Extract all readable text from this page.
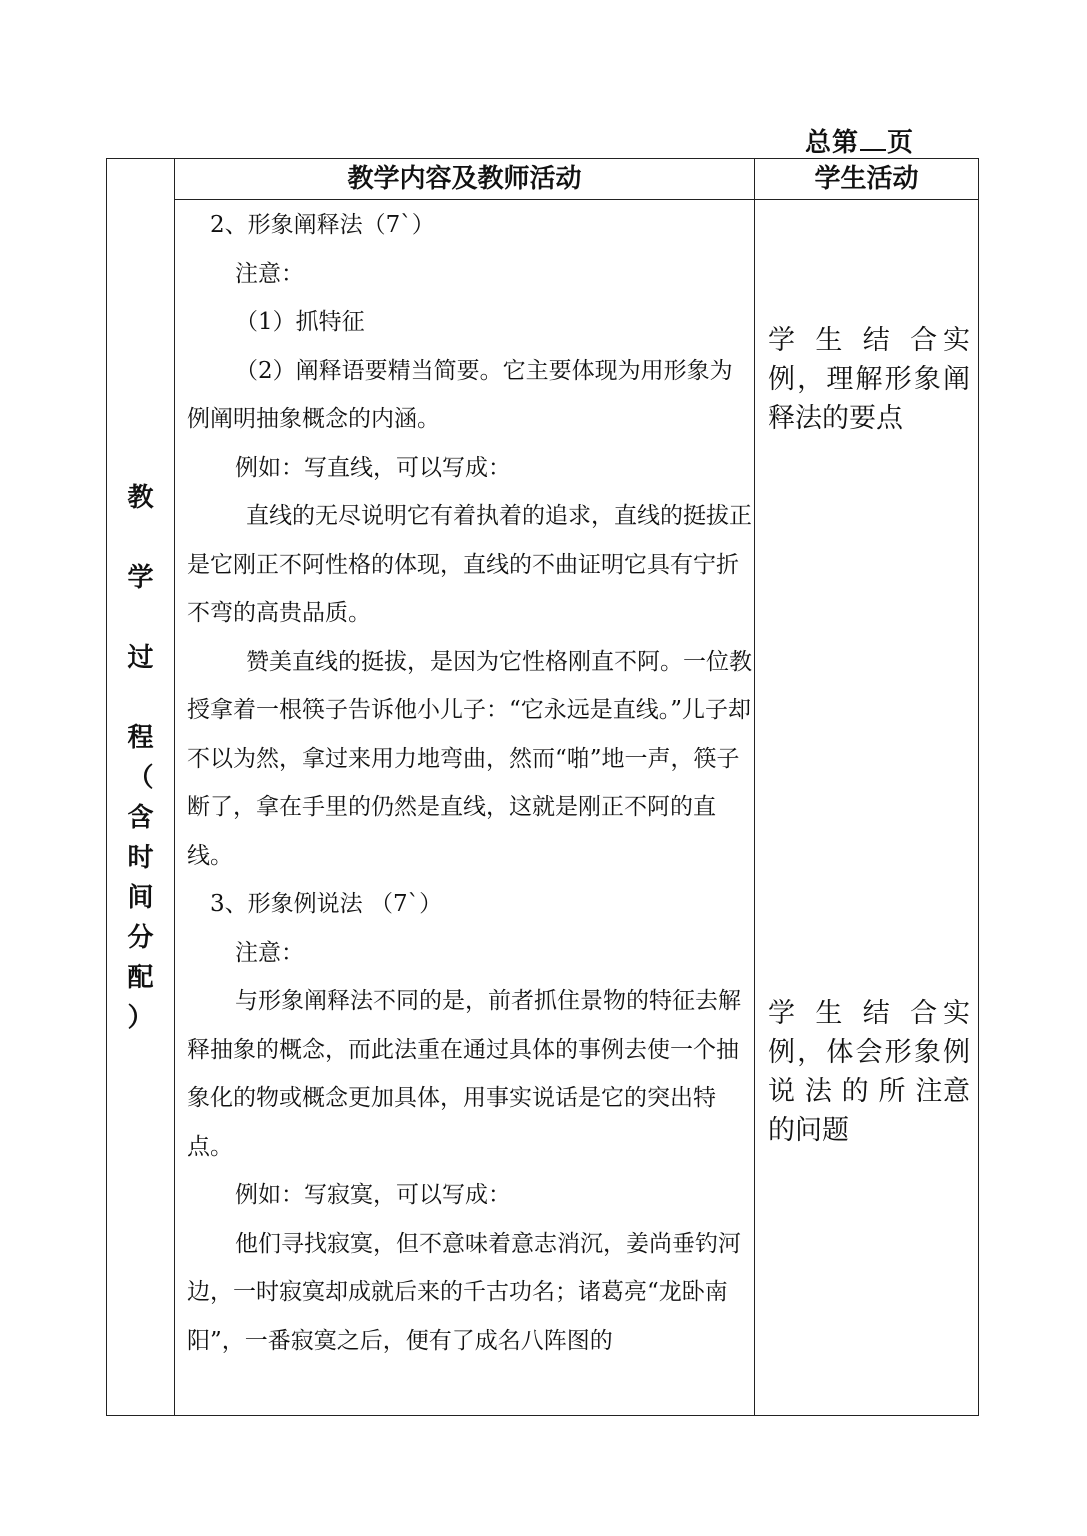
总第 页
教学内容及教师活动	学生活动
教
学
过
程
（
含
时
间
分
配
）

2、形象阐释法（7`）

注意：

（1）抓特征

（2）阐释语要精当简要。它主要体现为用形象为例阐明抽象概念的内涵。

例如：写直线，可以写成：

直线的无尽说明它有着执着的追求，直线的挺拔正是它刚正不阿性格的体现，直线的不曲证明它具有宁折不弯的高贵品质。

赞美直线的挺拔，是因为它性格刚直不阿。一位教授拿着一根筷子告诉他小儿子：“它永远是直线。”儿子却不以为然，拿过来用力地弯曲，然而“啪”地一声，筷子断了，拿在手里的仍然是直线，这就是刚正不阿的直线。

3、形象例说法 （7`）

注意：

与形象阐释法不同的是，前者抓住景物的特征去解释抽象的概念，而此法重在通过具体的事例去使一个抽象化的物或概念更加具体，用事实说话是它的突出特点。

例如：写寂寞，可以写成：

他们寻找寂寞，但不意味着意志消沉，姜尚垂钓河边，一时寂寞却成就后来的千古功名；诸葛亮“龙卧南阳”，一番寂寞之后，便有了成名八阵图的

学 生 结 合实例，理解形象阐释法的要点
学 生 结 合实例，体会形象例 说 法 的 所 注意的问题
